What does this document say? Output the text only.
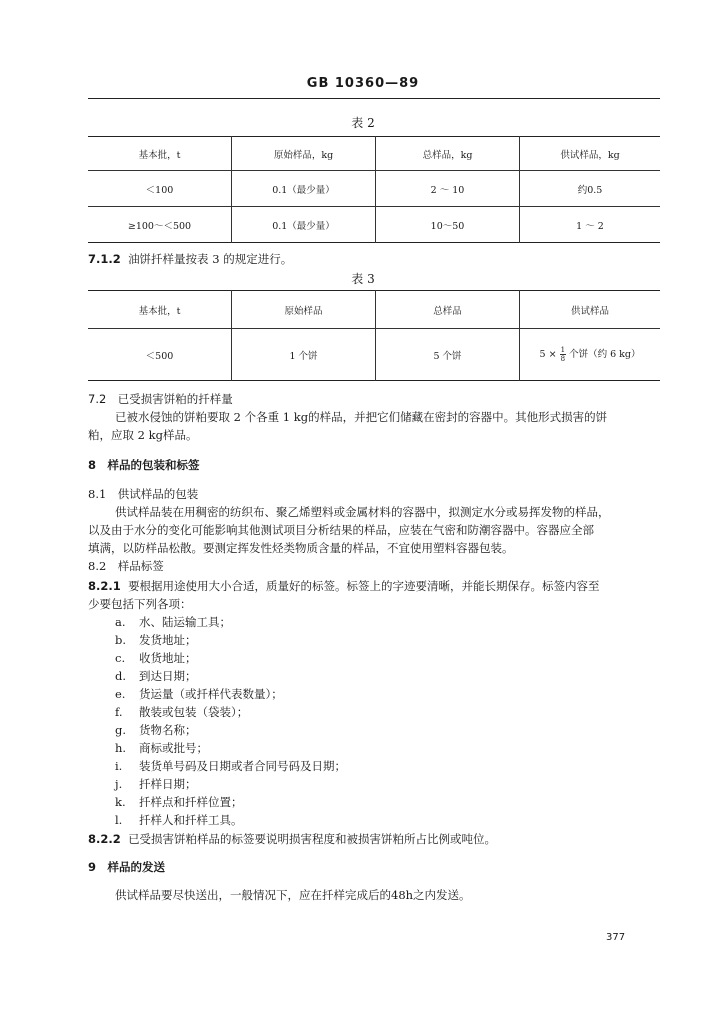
GB 10360—89
表 2
基本批，t	原始样品，kg	总样品，kg	供试样品，kg
＜100	0.1（最少量）	2 ～ 10	约0.5
≥100～＜500	0.1（最少量）	10～50	1 ～ 2
7.1.2 油饼扦样量按表 3 的规定进行。
表 3
基本批，t	原始样品	总样品	供试样品
＜500	1 个饼	5 个饼	$5 \times \frac{1}{8}$ 个饼（约 6 kg）
7.2　已受损害饼粕的扦样量
已被水侵蚀的饼粕要取 2 个各重 1 kg的样品，并把它们储藏在密封的容器中。其他形式损害的饼
粕，应取 2 kg样品。
8　样品的包装和标签
8.1　供试样品的包装
供试样品装在用稠密的纺织布、聚乙烯塑料或金属材料的容器中，拟测定水分或易挥发物的样品，
以及由于水分的变化可能影响其他测试项目分析结果的样品，应装在气密和防潮容器中。容器应全部
填满，以防样品松散。要测定挥发性烃类物质含量的样品，不宜使用塑料容器包装。
8.2　样品标签
8.2.1 要根据用途使用大小合适，质量好的标签。标签上的字迹要清晰，并能长期保存。标签内容至
少要包括下列各项：
a. 水、陆运输工具；
b. 发货地址；
c. 收货地址；
d. 到达日期；
e. 货运量（或扦样代表数量）；
f. 散装或包装（袋装）；
g. 货物名称；
h. 商标或批号；
i. 装货单号码及日期或者合同号码及日期；
j. 扦样日期；
k. 扦样点和扦样位置；
l. 扦样人和扦样工具。
8.2.2 已受损害饼粕样品的标签要说明损害程度和被损害饼粕所占比例或吨位。
9　样品的发送
供试样品要尽快送出，一般情况下，应在扦样完成后的48h之内发送。
377
